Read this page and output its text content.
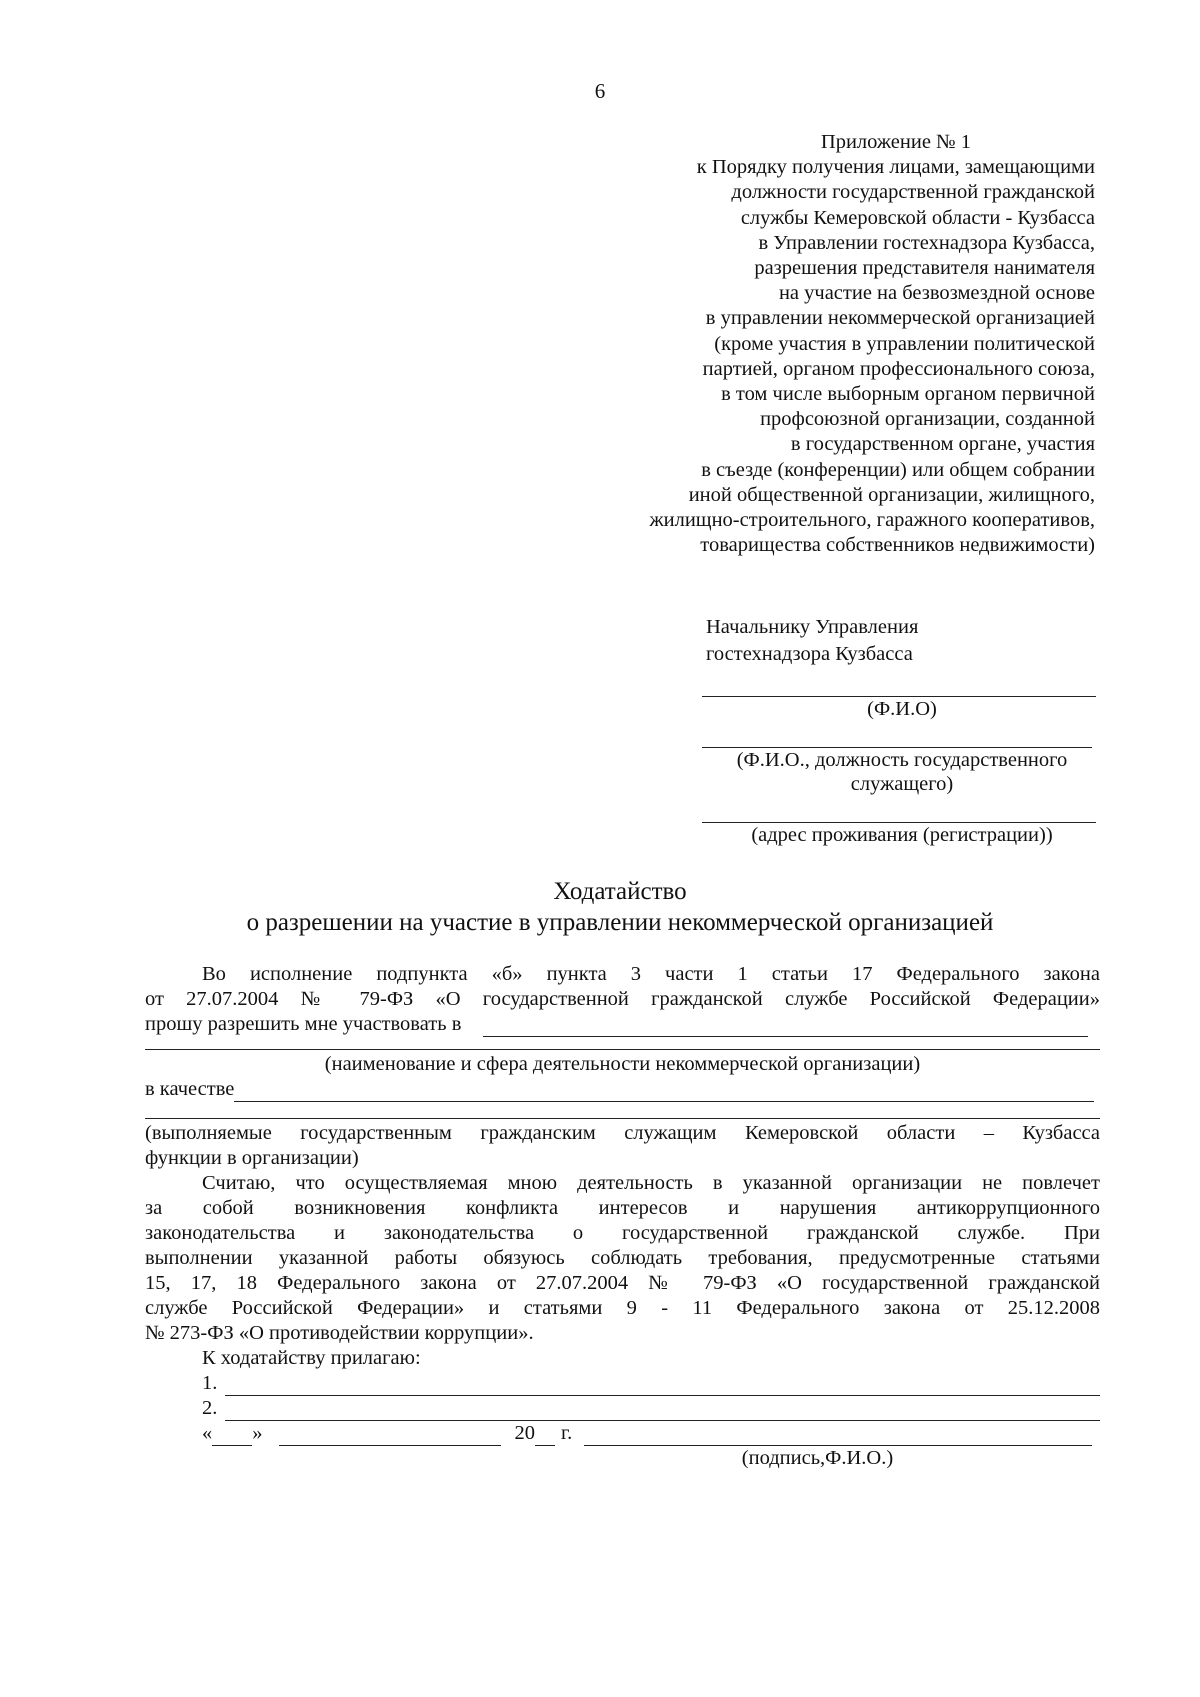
6
Приложение № 1
к Порядку получения лицами, замещающими
должности государственной гражданской
службы Кемеровской области - Кузбасса
в Управлении гостехнадзора Кузбасса,
разрешения представителя нанимателя
на участие на безвозмездной основе
в управлении некоммерческой организацией
(кроме участия в управлении политической
партией, органом профессионального союза,
в том числе выборным органом первичной
профсоюзной организации, созданной
в государственном органе, участия
в съезде (конференции) или общем собрании
иной общественной организации, жилищного,
жилищно-строительного, гаражного кооперативов,
товарищества собственников недвижимости)
Начальнику Управления
гостехнадзора Кузбасса
(Ф.И.О)
(Ф.И.О., должность государственного
служащего)
(адрес проживания (регистрации))
Ходатайство
о разрешении на участие в управлении некоммерческой организацией
Во исполнение подпункта «б» пункта 3 части 1 статьи 17 Федерального закона
от 27.07.2004 № 79-ФЗ «О государственной гражданской службе Российской Федерации»
прошу разрешить мне участвовать в
(наименование и сфера деятельности некоммерческой организации)
в качестве
(выполняемые государственным гражданским служащим Кемеровской области – Кузбасса
функции в организации)
Считаю, что осуществляемая мною деятельность в указанной организации не повлечет
за собой возникновения конфликта интересов и нарушения антикоррупционного
законодательства и законодательства о государственной гражданской службе. При
выполнении указанной работы обязуюсь соблюдать требования, предусмотренные статьями
15, 17, 18 Федерального закона от 27.07.2004 № 79-ФЗ «О государственной гражданской
службе Российской Федерации» и статьями 9 - 11 Федерального закона от 25.12.2008
№ 273-ФЗ «О противодействии коррупции».
К ходатайству прилагаю:
1.
2.
« »	20 г.
(подпись,Ф.И.О.)
